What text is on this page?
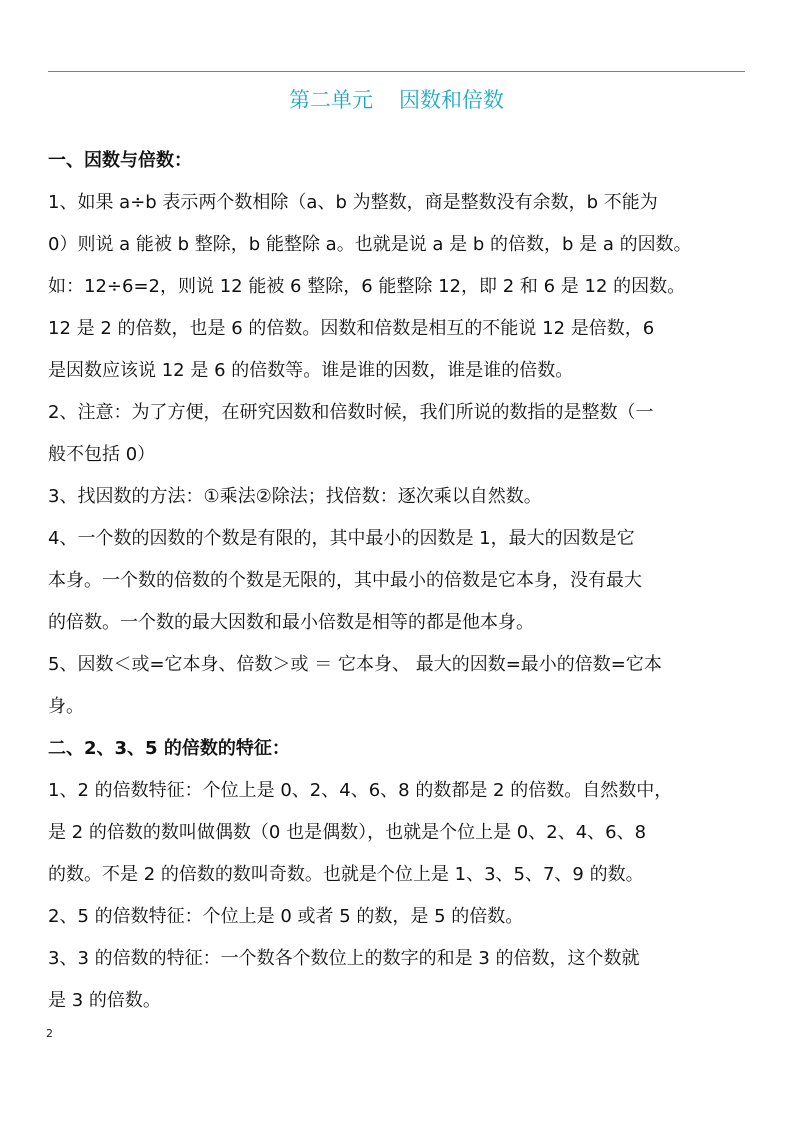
第二单元 因数和倍数

一、因数与倍数：

1、如果 a÷b 表示两个数相除（a、b 为整数，商是整数没有余数，b 不能为

0）则说 a 能被 b 整除，b 能整除 a。也就是说 a 是 b 的倍数，b 是 a 的因数。

如：12÷6=2，则说 12 能被 6 整除，6 能整除 12，即 2 和 6 是 12 的因数。

12 是 2 的倍数，也是 6 的倍数。因数和倍数是相互的不能说 12 是倍数，6

是因数应该说 12 是 6 的倍数等。谁是谁的因数，谁是谁的倍数。

2、注意：为了方便，在研究因数和倍数时候，我们所说的数指的是整数（一

般不包括 0）

3、找因数的方法：①乘法②除法；找倍数：逐次乘以自然数。

4、一个数的因数的个数是有限的，其中最小的因数是 1，最大的因数是它

本身。一个数的倍数的个数是无限的，其中最小的倍数是它本身，没有最大

的倍数。一个数的最大因数和最小倍数是相等的都是他本身。

5、因数＜或=它本身、倍数＞或 ＝ 它本身、 最大的因数=最小的倍数=它本

身。

二、2、3、5 的倍数的特征：

1、2 的倍数特征：个位上是 0、2、4、6、8 的数都是 2 的倍数。自然数中，

是 2 的倍数的数叫做偶数（0 也是偶数），也就是个位上是 0、2、4、6、8

的数。不是 2 的倍数的数叫奇数。也就是个位上是 1、3、5、7、9 的数。

2、5 的倍数特征：个位上是 0 或者 5 的数，是 5 的倍数。

3、3 的倍数的特征：一个数各个数位上的数字的和是 3 的倍数，这个数就

是 3 的倍数。

2
